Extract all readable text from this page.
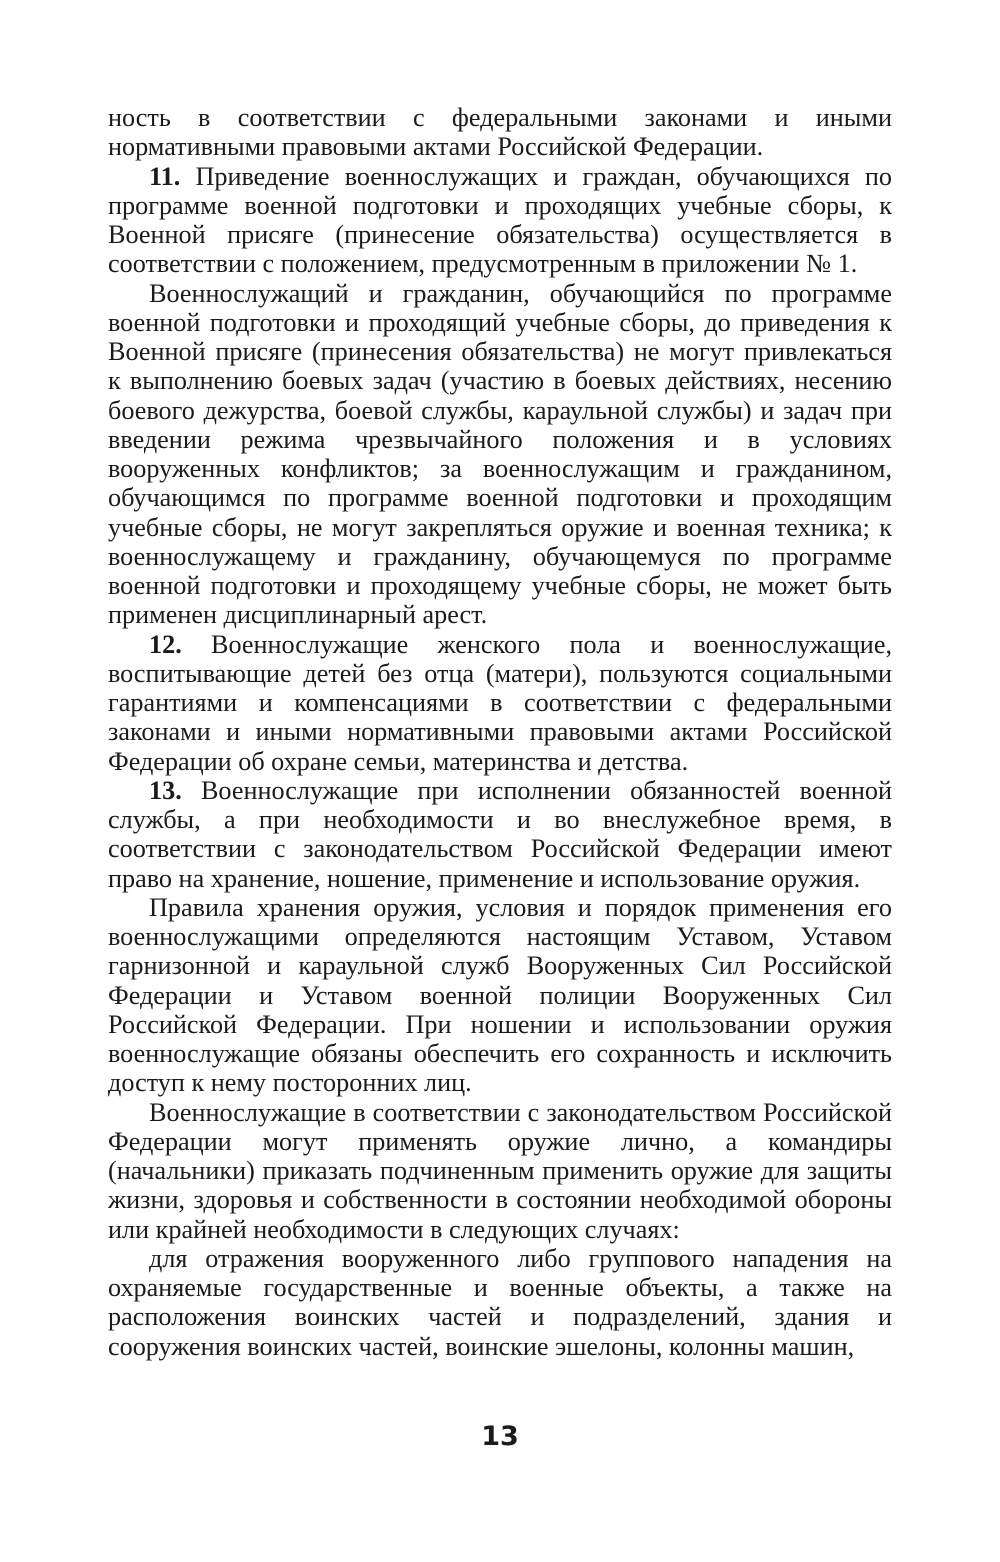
ность в соответствии с федеральными законами и иными нормативными правовыми актами Российской Федерации.

11. Приведение военнослужащих и граждан, обучающихся по программе военной подготовки и проходящих учебные сборы, к Военной присяге (принесение обязательства) осуществляется в соответствии с положением, предусмотренным в приложении № 1.

Военнослужащий и гражданин, обучающийся по программе военной подготовки и проходящий учебные сборы, до приведения к Военной присяге (принесения обязательства) не могут привлекаться к выполнению боевых задач (участию в боевых действиях, несению боевого дежурства, боевой службы, караульной службы) и задач при введении режима чрезвычайного положения и в условиях вооруженных конфликтов; за военнослужащим и гражданином, обучающимся по программе военной подготовки и проходящим учебные сборы, не могут закрепляться оружие и военная техника; к военнослужащему и гражданину, обучающемуся по программе военной подготовки и проходящему учебные сборы, не может быть применен дисциплинарный арест.

12. Военнослужащие женского пола и военнослужащие, воспитывающие детей без отца (матери), пользуются социальными гарантиями и компенсациями в соответствии с федеральными законами и иными нормативными правовыми актами Российской Федерации об охране семьи, материнства и детства.

13. Военнослужащие при исполнении обязанностей военной службы, а при необходимости и во внеслужебное время, в соответствии с законодательством Российской Федерации имеют право на хранение, ношение, применение и использование оружия.

Правила хранения оружия, условия и порядок применения его военнослужащими определяются настоящим Уставом, Уставом гарнизонной и караульной служб Вооруженных Сил Российской Федерации и Уставом военной полиции Вооруженных Сил Российской Федерации. При ношении и использовании оружия военнослужащие обязаны обеспечить его сохранность и исключить доступ к нему посторонних лиц.

Военнослужащие в соответствии с законодательством Российской Федерации могут применять оружие лично, а командиры (начальники) приказать подчиненным применить оружие для защиты жизни, здоровья и собственности в состоянии необходимой обороны или крайней необходимости в следующих случаях:

для отражения вооруженного либо группового нападения на охраняемые государственные и военные объекты, а также на расположения воинских частей и подразделений, здания и сооружения воинских частей, воинские эшелоны, колонны машин,

13
